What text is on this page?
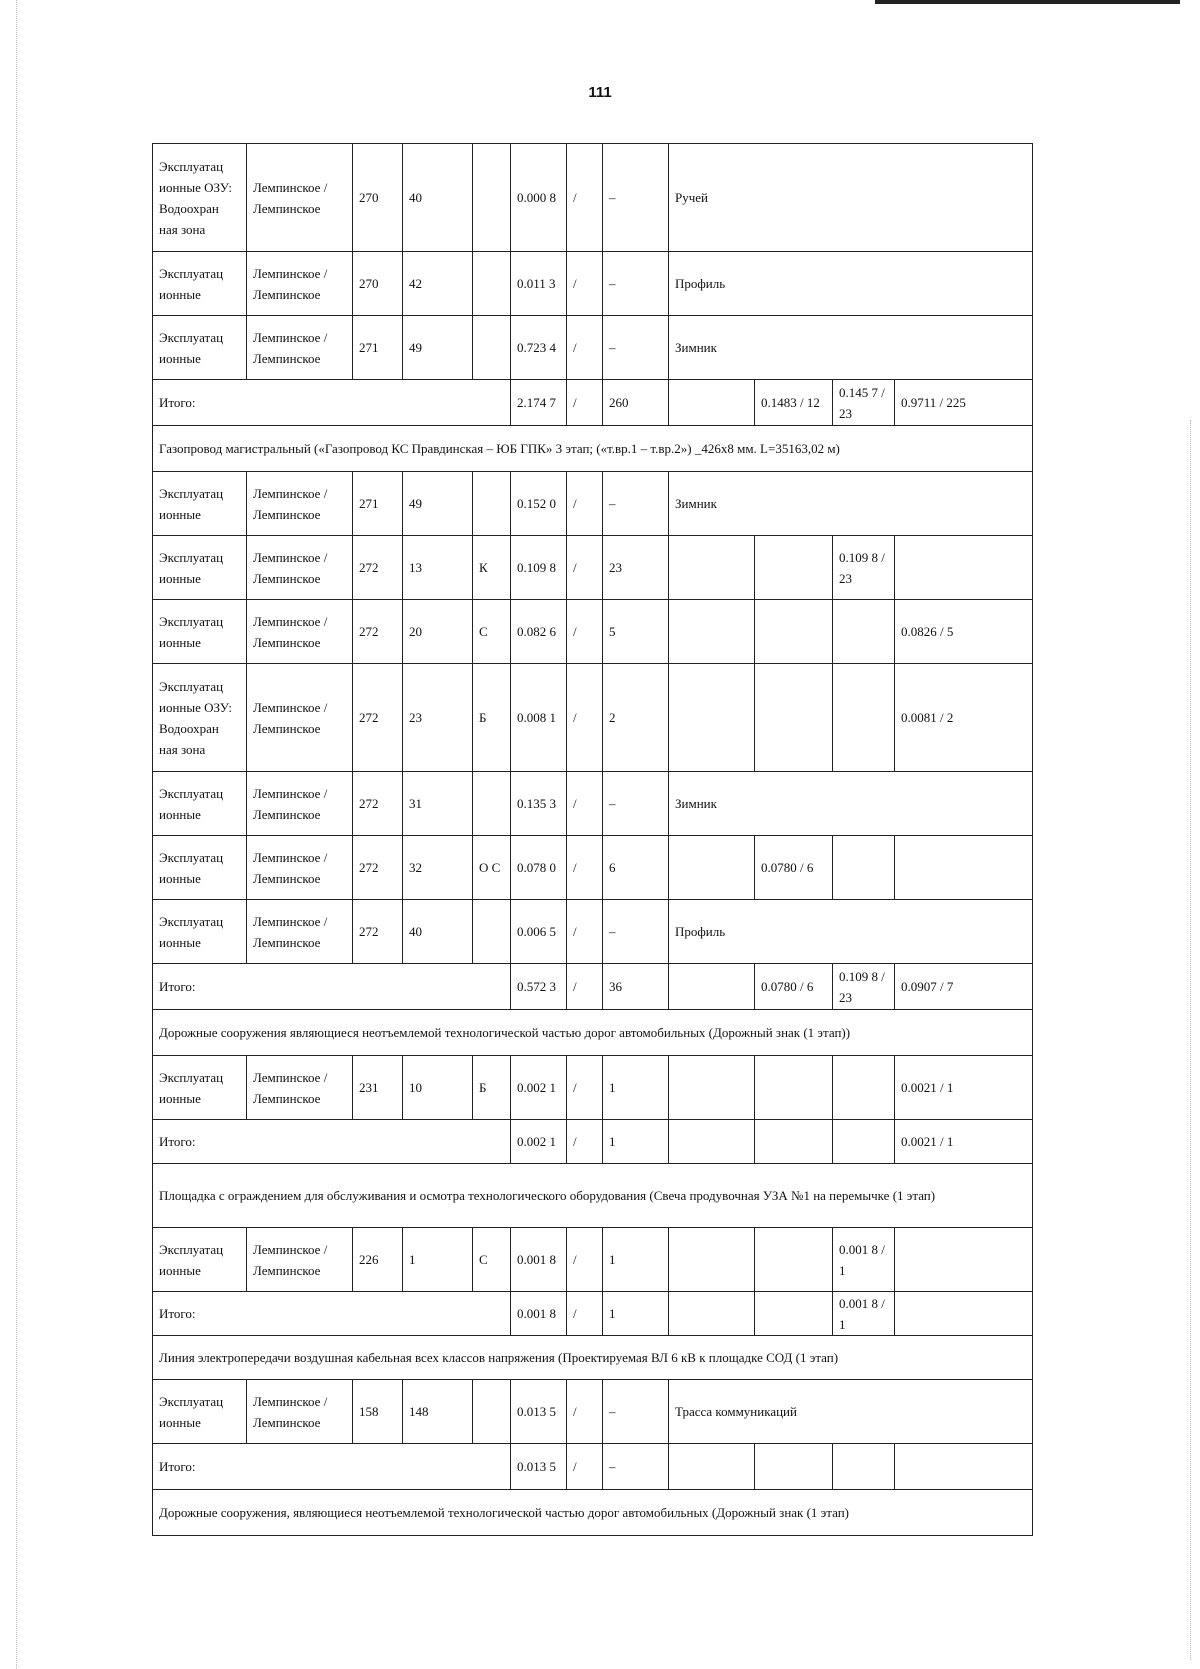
111
Эксплуатац ионные ОЗУ: Водоохран ная зона	Лемпинское / Лемпинское	270	40		0.000 8	/	–	Ручей			
Эксплуатац ионные	Лемпинское / Лемпинское	270	42		0.011 3	/	–	Профиль			
Эксплуатац ионные	Лемпинское / Лемпинское	271	49		0.723 4	/	–	Зимник			
Итого:					2.174 7	/	260		0.1483 / 12	0.145 7 / 23	0.9711 / 225
Газопровод магистральный («Газопровод КС Правдинская – ЮБ ГПК» 3 этап; («т.вр.1 – т.вр.2») _426х8 мм. L=35163,02 м)											
Эксплуатац ионные	Лемпинское / Лемпинское	271	49		0.152 0	/	–	Зимник			
Эксплуатац ионные	Лемпинское / Лемпинское	272	13	К	0.109 8	/	23			0.109 8 / 23	
Эксплуатац ионные	Лемпинское / Лемпинское	272	20	С	0.082 6	/	5				0.0826 / 5
Эксплуатац ионные ОЗУ: Водоохран ная зона	Лемпинское / Лемпинское	272	23	Б	0.008 1	/	2				0.0081 / 2
Эксплуатац ионные	Лемпинское / Лемпинское	272	31		0.135 3	/	–	Зимник			
Эксплуатац ионные	Лемпинское / Лемпинское	272	32	О С	0.078 0	/	6		0.0780 / 6		
Эксплуатац ионные	Лемпинское / Лемпинское	272	40		0.006 5	/	–	Профиль			
Итого:					0.572 3	/	36		0.0780 / 6	0.109 8 / 23	0.0907 / 7
Дорожные сооружения являющиеся неотъемлемой технологической частью дорог автомобильных (Дорожный знак (1 этап))											
Эксплуатац ионные	Лемпинское / Лемпинское	231	10	Б	0.002 1	/	1				0.0021 / 1
Итого:					0.002 1	/	1				0.0021 / 1
Площадка с ограждением для обслуживания и осмотра технологического оборудования (Свеча продувочная УЗА №1 на перемычке (1 этап)											
Эксплуатац ионные	Лемпинское / Лемпинское	226	1	С	0.001 8	/	1			0.001 8 / 1	
Итого:					0.001 8	/	1			0.001 8 / 1	
Линия электропередачи воздушная кабельная всех классов напряжения (Проектируемая ВЛ 6 кВ к площадке СОД (1 этап)											
Эксплуатац ионные	Лемпинское / Лемпинское	158	148		0.013 5	/	–	Трасса коммуникаций			
Итого:					0.013 5	/	–				
Дорожные сооружения, являющиеся неотъемлемой технологической частью дорог автомобильных (Дорожный знак (1 этап)											
